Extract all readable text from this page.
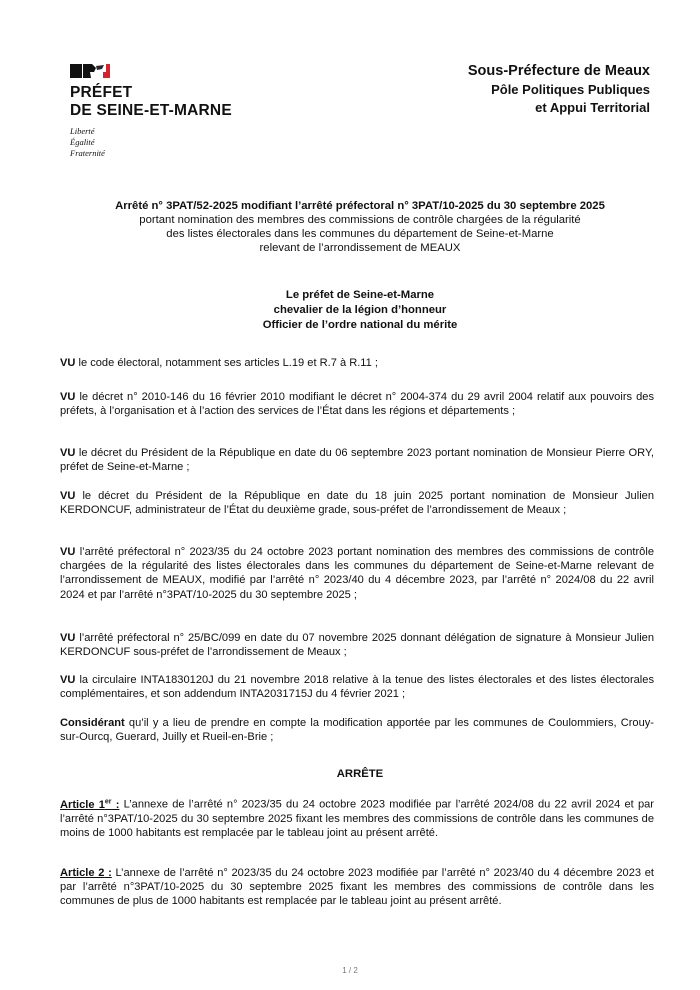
PRÉFET
DE SEINE-ET-MARNE
Liberté
Égalité
Fraternité
Sous-Préfecture de Meaux
Pôle Politiques Publiques
et Appui Territorial
Arrêté n° 3PAT/52-2025 modifiant l’arrêté préfectoral n° 3PAT/10-2025 du 30 septembre 2025
portant nomination des membres des commissions de contrôle chargées de la régularité
des listes électorales dans les communes du département de Seine-et-Marne
relevant de l’arrondissement de MEAUX
Le préfet de Seine-et-Marne
chevalier de la légion d’honneur
Officier de l’ordre national du mérite

VU le code électoral, notamment ses articles L.19 et R.7 à R.11 ;

VU le décret n° 2010-146 du 16 février 2010 modifiant le décret n° 2004-374 du 29 avril 2004 relatif aux pouvoirs des préfets, à l’organisation et à l’action des services de l’État dans les régions et départements ;

VU le décret du Président de la République en date du 06 septembre 2023 portant nomination de Monsieur Pierre ORY, préfet de Seine-et-Marne ;

VU le décret du Président de la République en date du 18 juin 2025 portant nomination de Monsieur Julien KERDONCUF, administrateur de l’État du deuxième grade, sous-préfet de l’arrondissement de Meaux ;

VU l’arrêté préfectoral n° 2023/35 du 24 octobre 2023 portant nomination des membres des commissions de contrôle chargées de la régularité des listes électorales dans les communes du département de Seine-et-Marne relevant de l’arrondissement de MEAUX, modifié par l’arrêté n° 2023/40 du 4 décembre 2023, par l’arrêté n° 2024/08 du 22 avril 2024 et par l’arrêté n°3PAT/10-2025 du 30 septembre 2025 ;

VU l’arrêté préfectoral n° 25/BC/099 en date du 07 novembre 2025 donnant délégation de signature à Monsieur Julien KERDONCUF sous-préfet de l’arrondissement de Meaux ;

VU la circulaire INTA1830120J du 21 novembre 2018 relative à la tenue des listes électorales et des listes électorales complémentaires, et son addendum INTA2031715J du 4 février 2021 ;

Considérant qu’il y a lieu de prendre en compte la modification apportée par les communes de Coulommiers, Crouy-sur-Ourcq, Guerard, Juilly et Rueil-en-Brie ;

ARRÊTE

Article 1er : L’annexe de l’arrêté n° 2023/35 du 24 octobre 2023 modifiée par l’arrêté 2024/08 du 22 avril 2024 et par l’arrêté n°3PAT/10-2025 du 30 septembre 2025 fixant les membres des commissions de contrôle dans les communes de moins de 1000 habitants est remplacée par le tableau joint au présent arrêté.

Article 2 : L’annexe de l’arrêté n° 2023/35 du 24 octobre 2023 modifiée par l’arrêté n° 2023/40 du 4 décembre 2023 et par l’arrêté n°3PAT/10-2025 du 30 septembre 2025 fixant les membres des commissions de contrôle dans les communes de plus de 1000 habitants est remplacée par le tableau joint au présent arrêté.

1 / 2
